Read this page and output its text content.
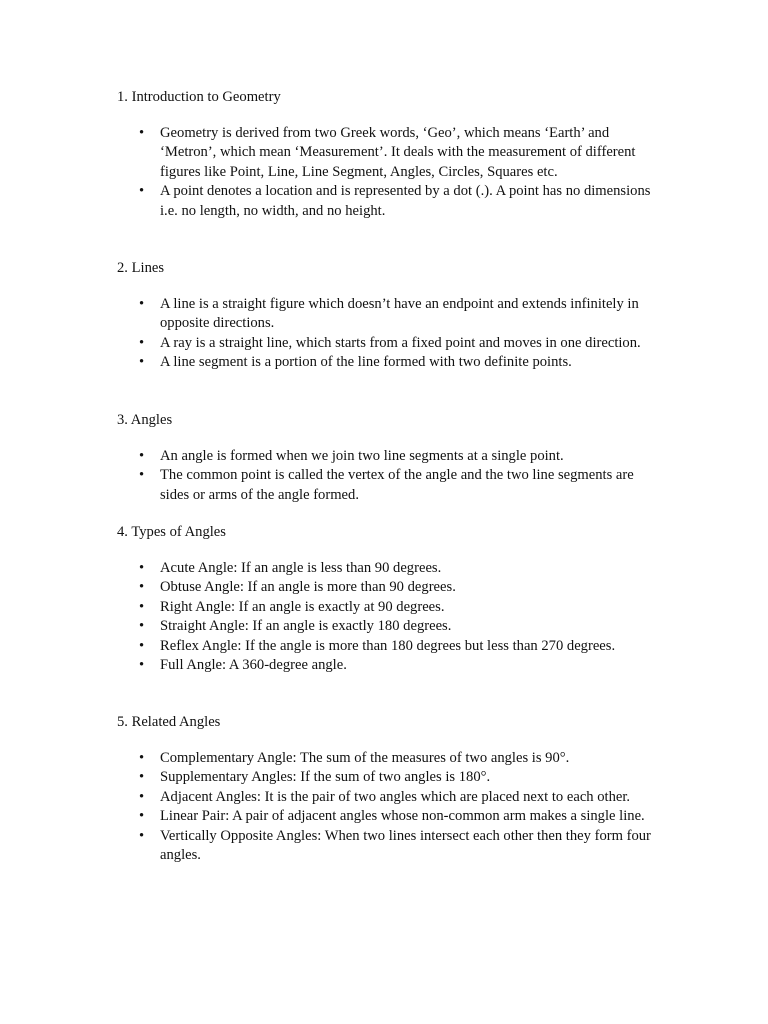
1. Introduction to Geometry

• Geometry is derived from two Greek words, ‘Geo’, which means ‘Earth’ and ‘Metron’, which mean ‘Measurement’. It deals with the measurement of different figures like Point, Line, Line Segment, Angles, Circles, Squares etc.
• A point denotes a location and is represented by a dot (.). A point has no dimensions i.e. no length, no width, and no height.

2. Lines

• A line is a straight figure which doesn’t have an endpoint and extends infinitely in opposite directions.
• A ray is a straight line, which starts from a fixed point and moves in one direction.
• A line segment is a portion of the line formed with two definite points.

3. Angles

• An angle is formed when we join two line segments at a single point.
• The common point is called the vertex of the angle and the two line segments are sides or arms of the angle formed.

4. Types of Angles

• Acute Angle: If an angle is less than 90 degrees.
• Obtuse Angle: If an angle is more than 90 degrees.
• Right Angle: If an angle is exactly at 90 degrees.
• Straight Angle: If an angle is exactly 180 degrees.
• Reflex Angle: If the angle is more than 180 degrees but less than 270 degrees.
• Full Angle: A 360-degree angle.

5. Related Angles

• Complementary Angle: The sum of the measures of two angles is 90°.
• Supplementary Angles: If the sum of two angles is 180°.
• Adjacent Angles: It is the pair of two angles which are placed next to each other.
• Linear Pair: A pair of adjacent angles whose non-common arm makes a single line.
• Vertically Opposite Angles: When two lines intersect each other then they form four angles.
